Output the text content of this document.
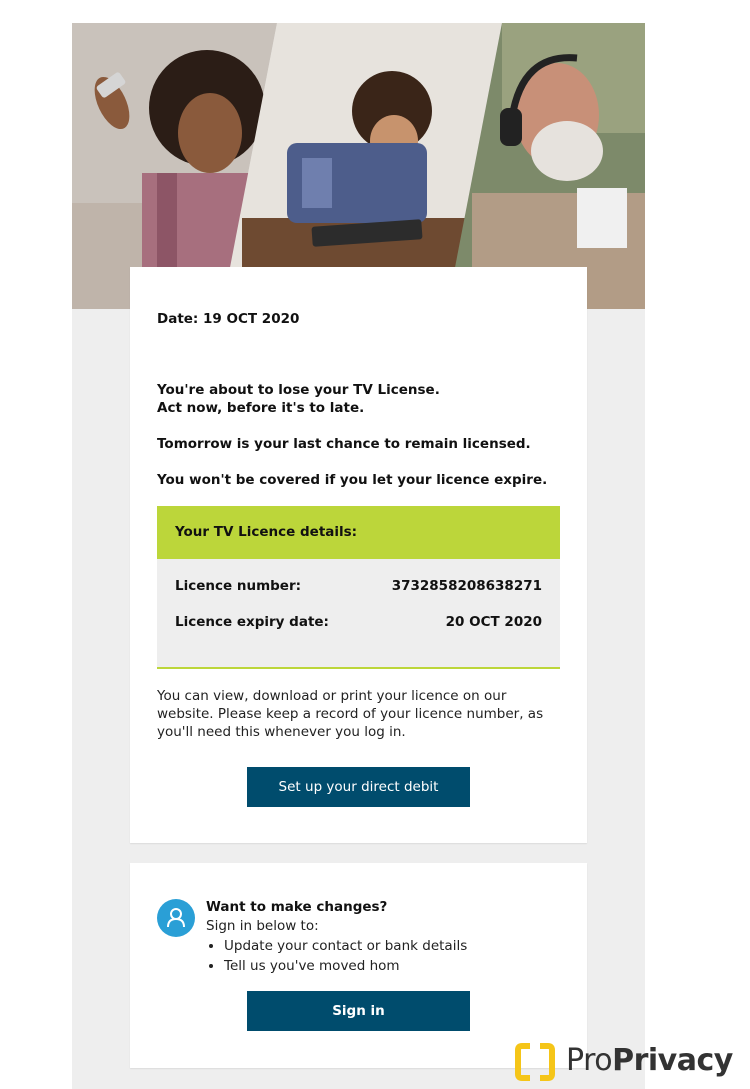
Date: 19 OCT 2020
You're about to lose your TV License.
Act now, before it's to late.
Tomorrow is your last chance to remain licensed.
You won't be covered if you let your licence expire.
Your TV Licence details:
Licence number:	3732858208638271
Licence expiry date:	20 OCT 2020
You can view, download or print your licence on our website. Please keep a record of your licence number, as you'll need this whenever you log in.
Set up your direct debit
Want to make changes?
Sign in below to:
Update your contact or bank details
Tell us you've moved hom
Sign in
ProPrivacy
